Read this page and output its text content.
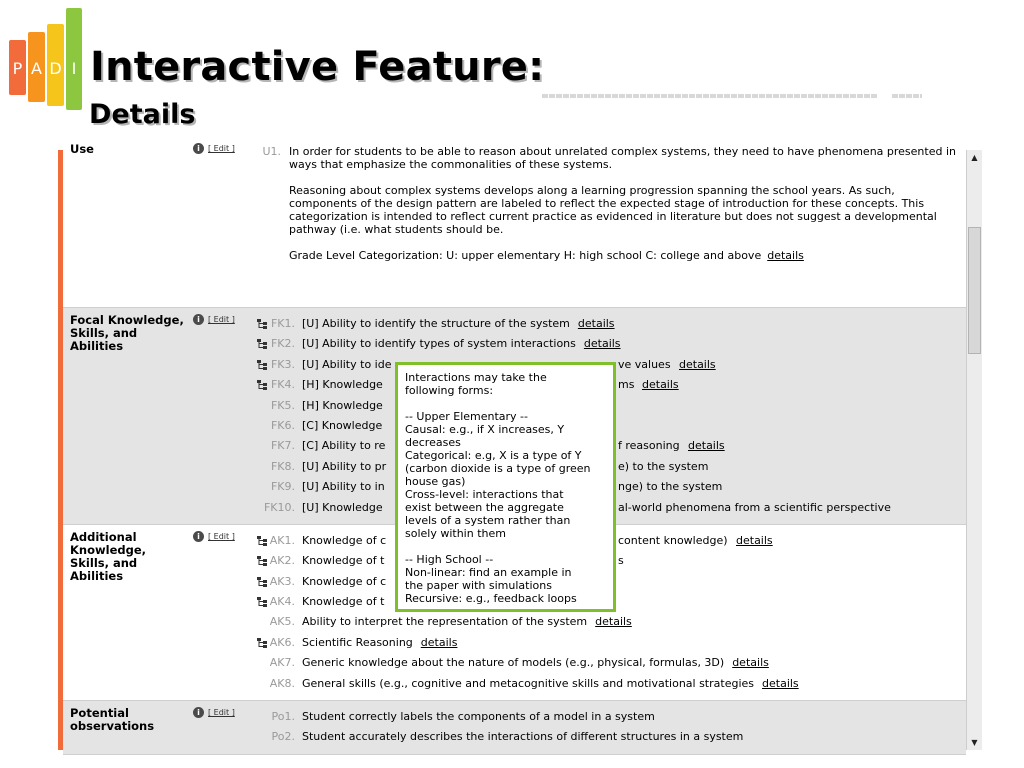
P A D I Interactive Feature:
Details
Use	i [ Edit ]	U1. In order for students to be able to reason about unrelated complex systems, they need to have phenomena presented in ways that emphasize the commonalities of these systems.

Reasoning about complex systems develops along a learning progression spanning the school years. As such, components of the design pattern are labeled to reflect the expected stage of introduction for these concepts. This categorization is intended to reflect current practice as evidenced in literature but does not suggest a developmental pathway (i.e. what students should be.

Grade Level Categorization: U: upper elementary H: high school C: college and above details

Focal Knowledge, Skills, and Abilities
i [ Edit ]	FK1. [U] Ability to identify the structure of the system details
FK2. [U] Ability to identify types of system interactions details
FK3. [U] Ability to ide	ve values details
FK4. [H] Knowledge	ms details
FK5. [H] Knowledge
FK6. [C] Knowledge
FK7. [C] Ability to re	f reasoning details
FK8. [U] Ability to pr	e) to the system
FK9. [U] Ability to in	nge) to the system
FK10. [U] Knowledge	al-world phenomena from a scientific perspective
Additional Knowledge, Skills, and Abilities
i [ Edit ]	AK1. Knowledge of c	content knowledge) details
AK2. Knowledge of t	s
AK3. Knowledge of c
AK4. Knowledge of t
AK5. Ability to interpret the representation of the system details
AK6. Scientific Reasoning details
AK7. Generic knowledge about the nature of models (e.g., physical, formulas, 3D) details
AK8. General skills (e.g., cognitive and metacognitive skills and motivational strategies details
Potential observations
i [ Edit ]	Po1. Student correctly labels the components of a model in a system
Po2. Student accurately describes the interactions of different structures in a system
▲
▼

Interactions may take the
following forms:

-- Upper Elementary --
Causal: e.g., if X increases, Y
decreases
Categorical: e.g, X is a type of Y
(carbon dioxide is a type of green
house gas)
Cross-level: interactions that
exist between the aggregate
levels of a system rather than
solely within them
-- High School --
Non-linear: find an example in
the paper with simulations
Recursive: e.g., feedback loops
